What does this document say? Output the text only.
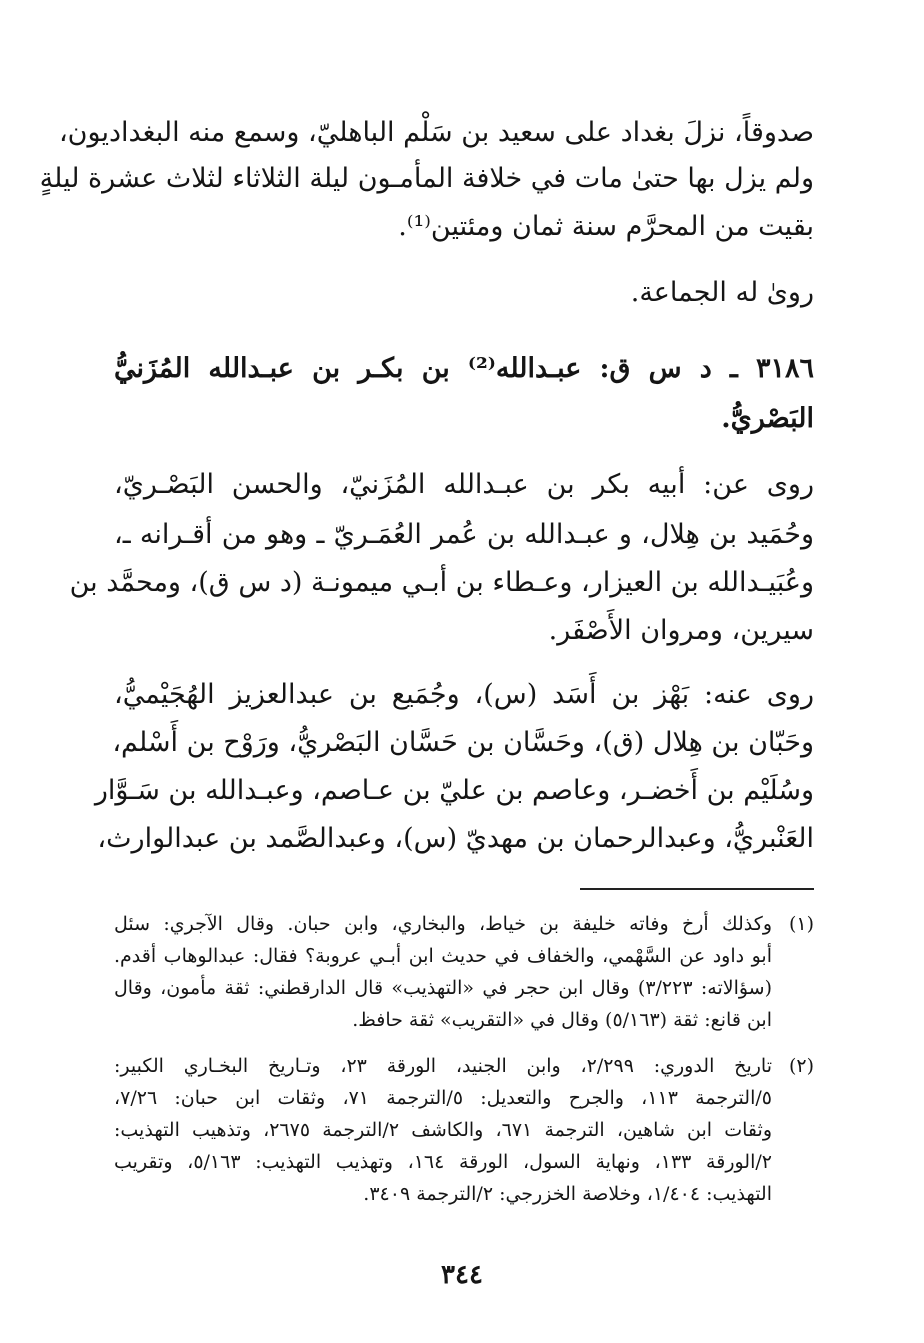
صدوقاً، نزلَ بغداد على سعيد بن سَلْم الباهليّ، وسمع منه البغداديون،
ولم يزل بها حتىٰ مات في خلافة المأمـون ليلة الثلاثاء لثلاث عشرة ليلةٍ
بقيت من المحرَّم سنة ثمان ومئتين⁽¹⁾.
رویٰ له الجماعة.
٣١٨٦ ـ د س ق: عبـدالله⁽²⁾ بن بكـر بن عبـدالله المُزَنيُّ
البَصْريُّ.
روى عن: أبيه بكر بن عبـدالله المُزَنيّ، والحسن البَصْـريّ،
وحُمَيد بن هِلال، و عبـدالله بن عُمر العُمَـريّ ـ وهو من أقـرانه ـ،
وعُبَيـدالله بن العيزار، وعـطاء بن أبـي ميمونـة (د س ق)، ومحمَّد بن
سيرين، ومروان الأَصْفَر.
روى عنه: بَهْز بن أَسَد (س)، وجُمَيع بن عبدالعزيز الهُجَيْميُّ،
وحَبّان بن هِلال (ق)، وحَسَّان بن حَسَّان البَصْريُّ، ورَوْح بن أَسْلم،
وسُلَيْم بن أَخضـر، وعاصم بن عليّ بن عـاصم، وعبـدالله بن سَـوَّار
العَنْبريُّ، وعبدالرحمان بن مهديّ (س)، وعبدالصَّمد بن عبدالوارث،
(١)
وكذلك أرخ وفاته خليفة بن خياط، والبخاري، وابن حبان. وقال الآجري: سئل
أبو داود عن السَّهْمي، والخفاف في حديث ابن أبـي عروبة؟ فقال: عبدالوهاب أقدم.
(سؤالاته: ٣/٢٢٣) وقال ابن حجر في «التهذيب» قال الدارقطني: ثقة مأمون، وقال
ابن قانع: ثقة (٥/١٦٣) وقال في «التقريب» ثقة حافظ.
(٢)
تاريخ الدوري: ٢/٢٩٩، وابن الجنيد، الورقة ٢٣، وتـاريخ البخـاري الكبير:
٥/الترجمة ١١٣، والجرح والتعديل: ٥/الترجمة ٧١، وثقات ابن حبان: ٧/٢٦،
وثقات ابن شاهين، الترجمة ٦٧١، والكاشف ٢/الترجمة ٢٦٧٥، وتذهيب التهذيب:
٢/الورقة ١٣٣، ونهاية السول، الورقة ١٦٤، وتهذيب التهذيب: ٥/١٦٣، وتقريب
التهذيب: ١/٤٠٤، وخلاصة الخزرجي: ٢/الترجمة ٣٤٠٩.
٣٤٤
